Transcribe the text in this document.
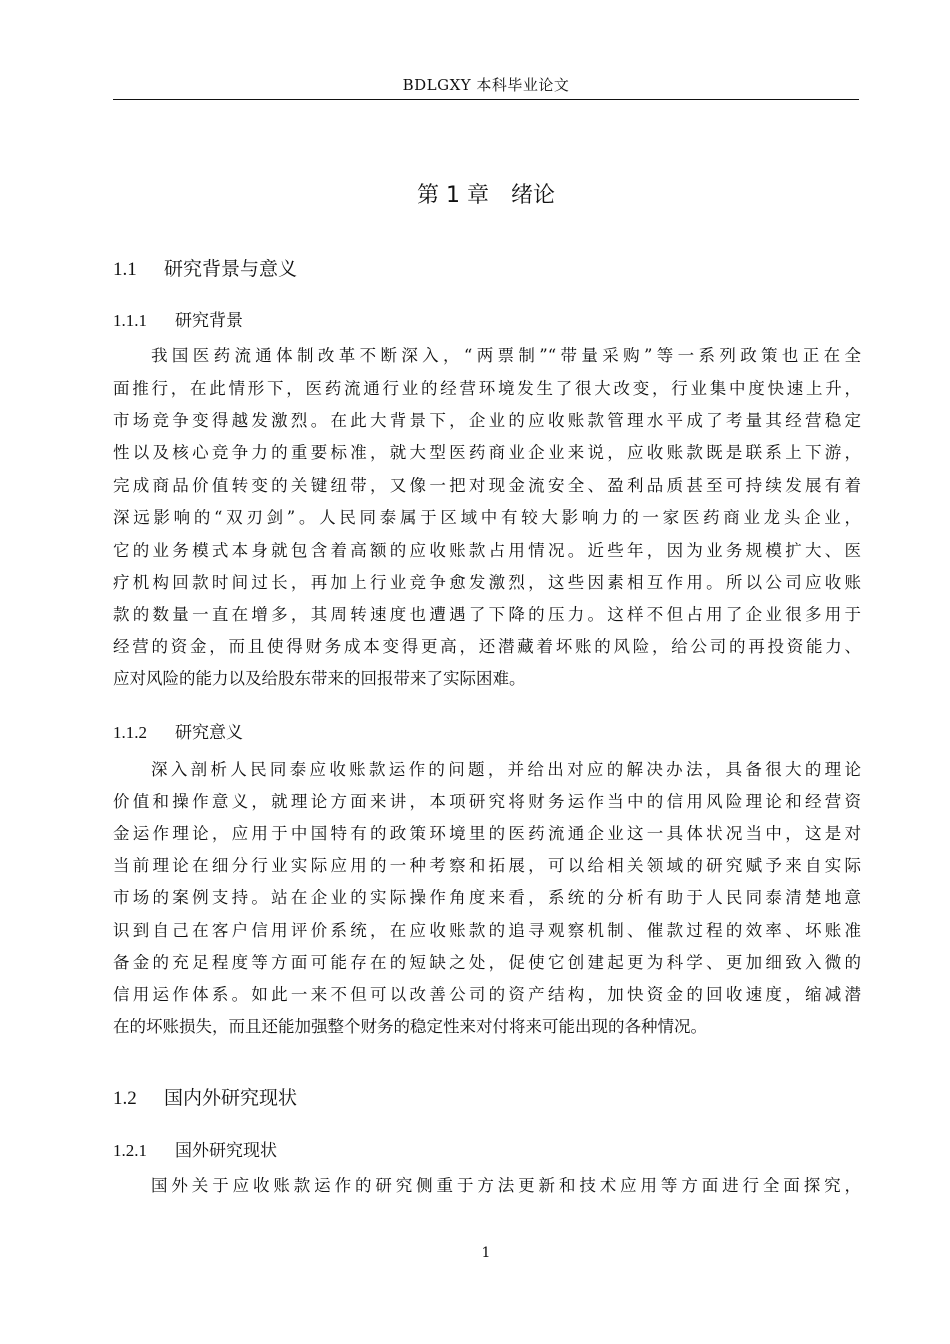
BDLGXY 本科毕业论文
第 1 章 绪论
1.1 研究背景与意义
1.1.1 研究背景
我国医药流通体制改革不断深入，“两票制”“带量采购”等一系列政策也正在全
面推行，在此情形下，医药流通行业的经营环境发生了很大改变，行业集中度快速上升，
市场竞争变得越发激烈。在此大背景下，企业的应收账款管理水平成了考量其经营稳定
性以及核心竞争力的重要标准，就大型医药商业企业来说，应收账款既是联系上下游，
完成商品价值转变的关键纽带，又像一把对现金流安全、盈利品质甚至可持续发展有着
深远影响的“双刃剑”。人民同泰属于区域中有较大影响力的一家医药商业龙头企业，
它的业务模式本身就包含着高额的应收账款占用情况。近些年，因为业务规模扩大、医
疗机构回款时间过长，再加上行业竞争愈发激烈，这些因素相互作用。所以公司应收账
款的数量一直在增多，其周转速度也遭遇了下降的压力。这样不但占用了企业很多用于
经营的资金，而且使得财务成本变得更高，还潜藏着坏账的风险，给公司的再投资能力、
应对风险的能力以及给股东带来的回报带来了实际困难。
1.1.2 研究意义
深入剖析人民同泰应收账款运作的问题，并给出对应的解决办法，具备很大的理论
价值和操作意义，就理论方面来讲，本项研究将财务运作当中的信用风险理论和经营资
金运作理论，应用于中国特有的政策环境里的医药流通企业这一具体状况当中，这是对
当前理论在细分行业实际应用的一种考察和拓展，可以给相关领域的研究赋予来自实际
市场的案例支持。站在企业的实际操作角度来看，系统的分析有助于人民同泰清楚地意
识到自己在客户信用评价系统，在应收账款的追寻观察机制、催款过程的效率、坏账准
备金的充足程度等方面可能存在的短缺之处，促使它创建起更为科学、更加细致入微的
信用运作体系。如此一来不但可以改善公司的资产结构，加快资金的回收速度，缩减潜
在的坏账损失，而且还能加强整个财务的稳定性来对付将来可能出现的各种情况。
1.2 国内外研究现状
1.2.1 国外研究现状
国外关于应收账款运作的研究侧重于方法更新和技术应用等方面进行全面探究，
1
